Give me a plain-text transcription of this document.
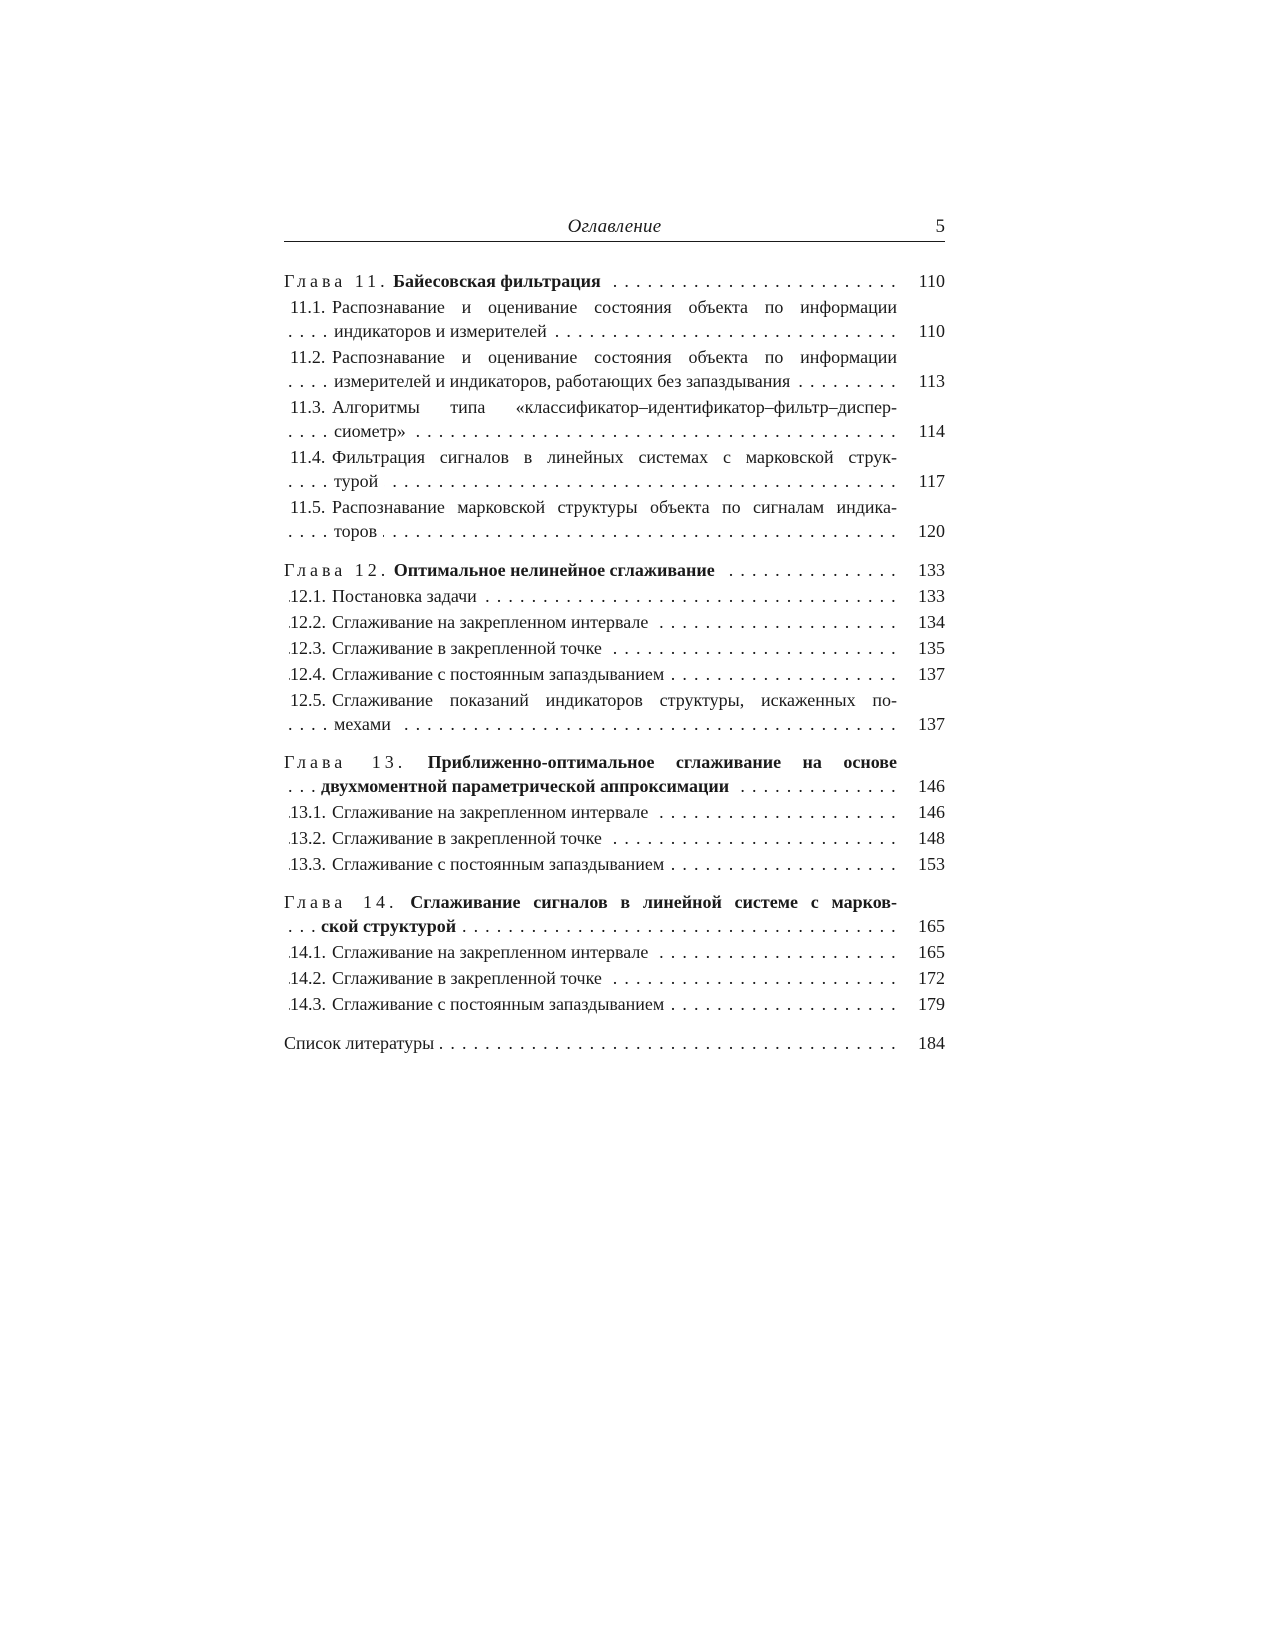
Оглавление	5
Глава 11. Байесовская фильтрация . . .	110
11.1. Распознавание и оценивание состояния объекта по информации
индикаторов и измерителей . . .	110
11.2. Распознавание и оценивание состояния объекта по информации
измерителей и индикаторов, работающих без запаздывания . . .	113
11.3. Алгоритмы типа «классификатор–идентификатор–фильтр–диспер-
сиометр» . . .	114
11.4. Фильтрация сигналов в линейных системах с марковской струк-
турой . . .	117
11.5. Распознавание марковской структуры объекта по сигналам индика-
торов . . .	120
Глава 12. Оптимальное нелинейное сглаживание . . .	133
12.1. Постановка задачи . . .	133
12.2. Сглаживание на закрепленном интервале . . .	134
12.3. Сглаживание в закрепленной точке . . .	135
12.4. Сглаживание с постоянным запаздыванием . . .	137
12.5. Сглаживание показаний индикаторов структуры, искаженных по-
мехами . . .	137
Глава 13. Приближенно-оптимальное сглаживание на основе
двухмоментной параметрической аппроксимации . . .	146
13.1. Сглаживание на закрепленном интервале . . .	146
13.2. Сглаживание в закрепленной точке . . .	148
13.3. Сглаживание с постоянным запаздыванием . . .	153
Глава 14. Сглаживание сигналов в линейной системе с марков-
ской структурой . . .	165
14.1. Сглаживание на закрепленном интервале . . .	165
14.2. Сглаживание в закрепленной точке . . .	172
14.3. Сглаживание с постоянным запаздыванием . . .	179
Список литературы . . .	184
